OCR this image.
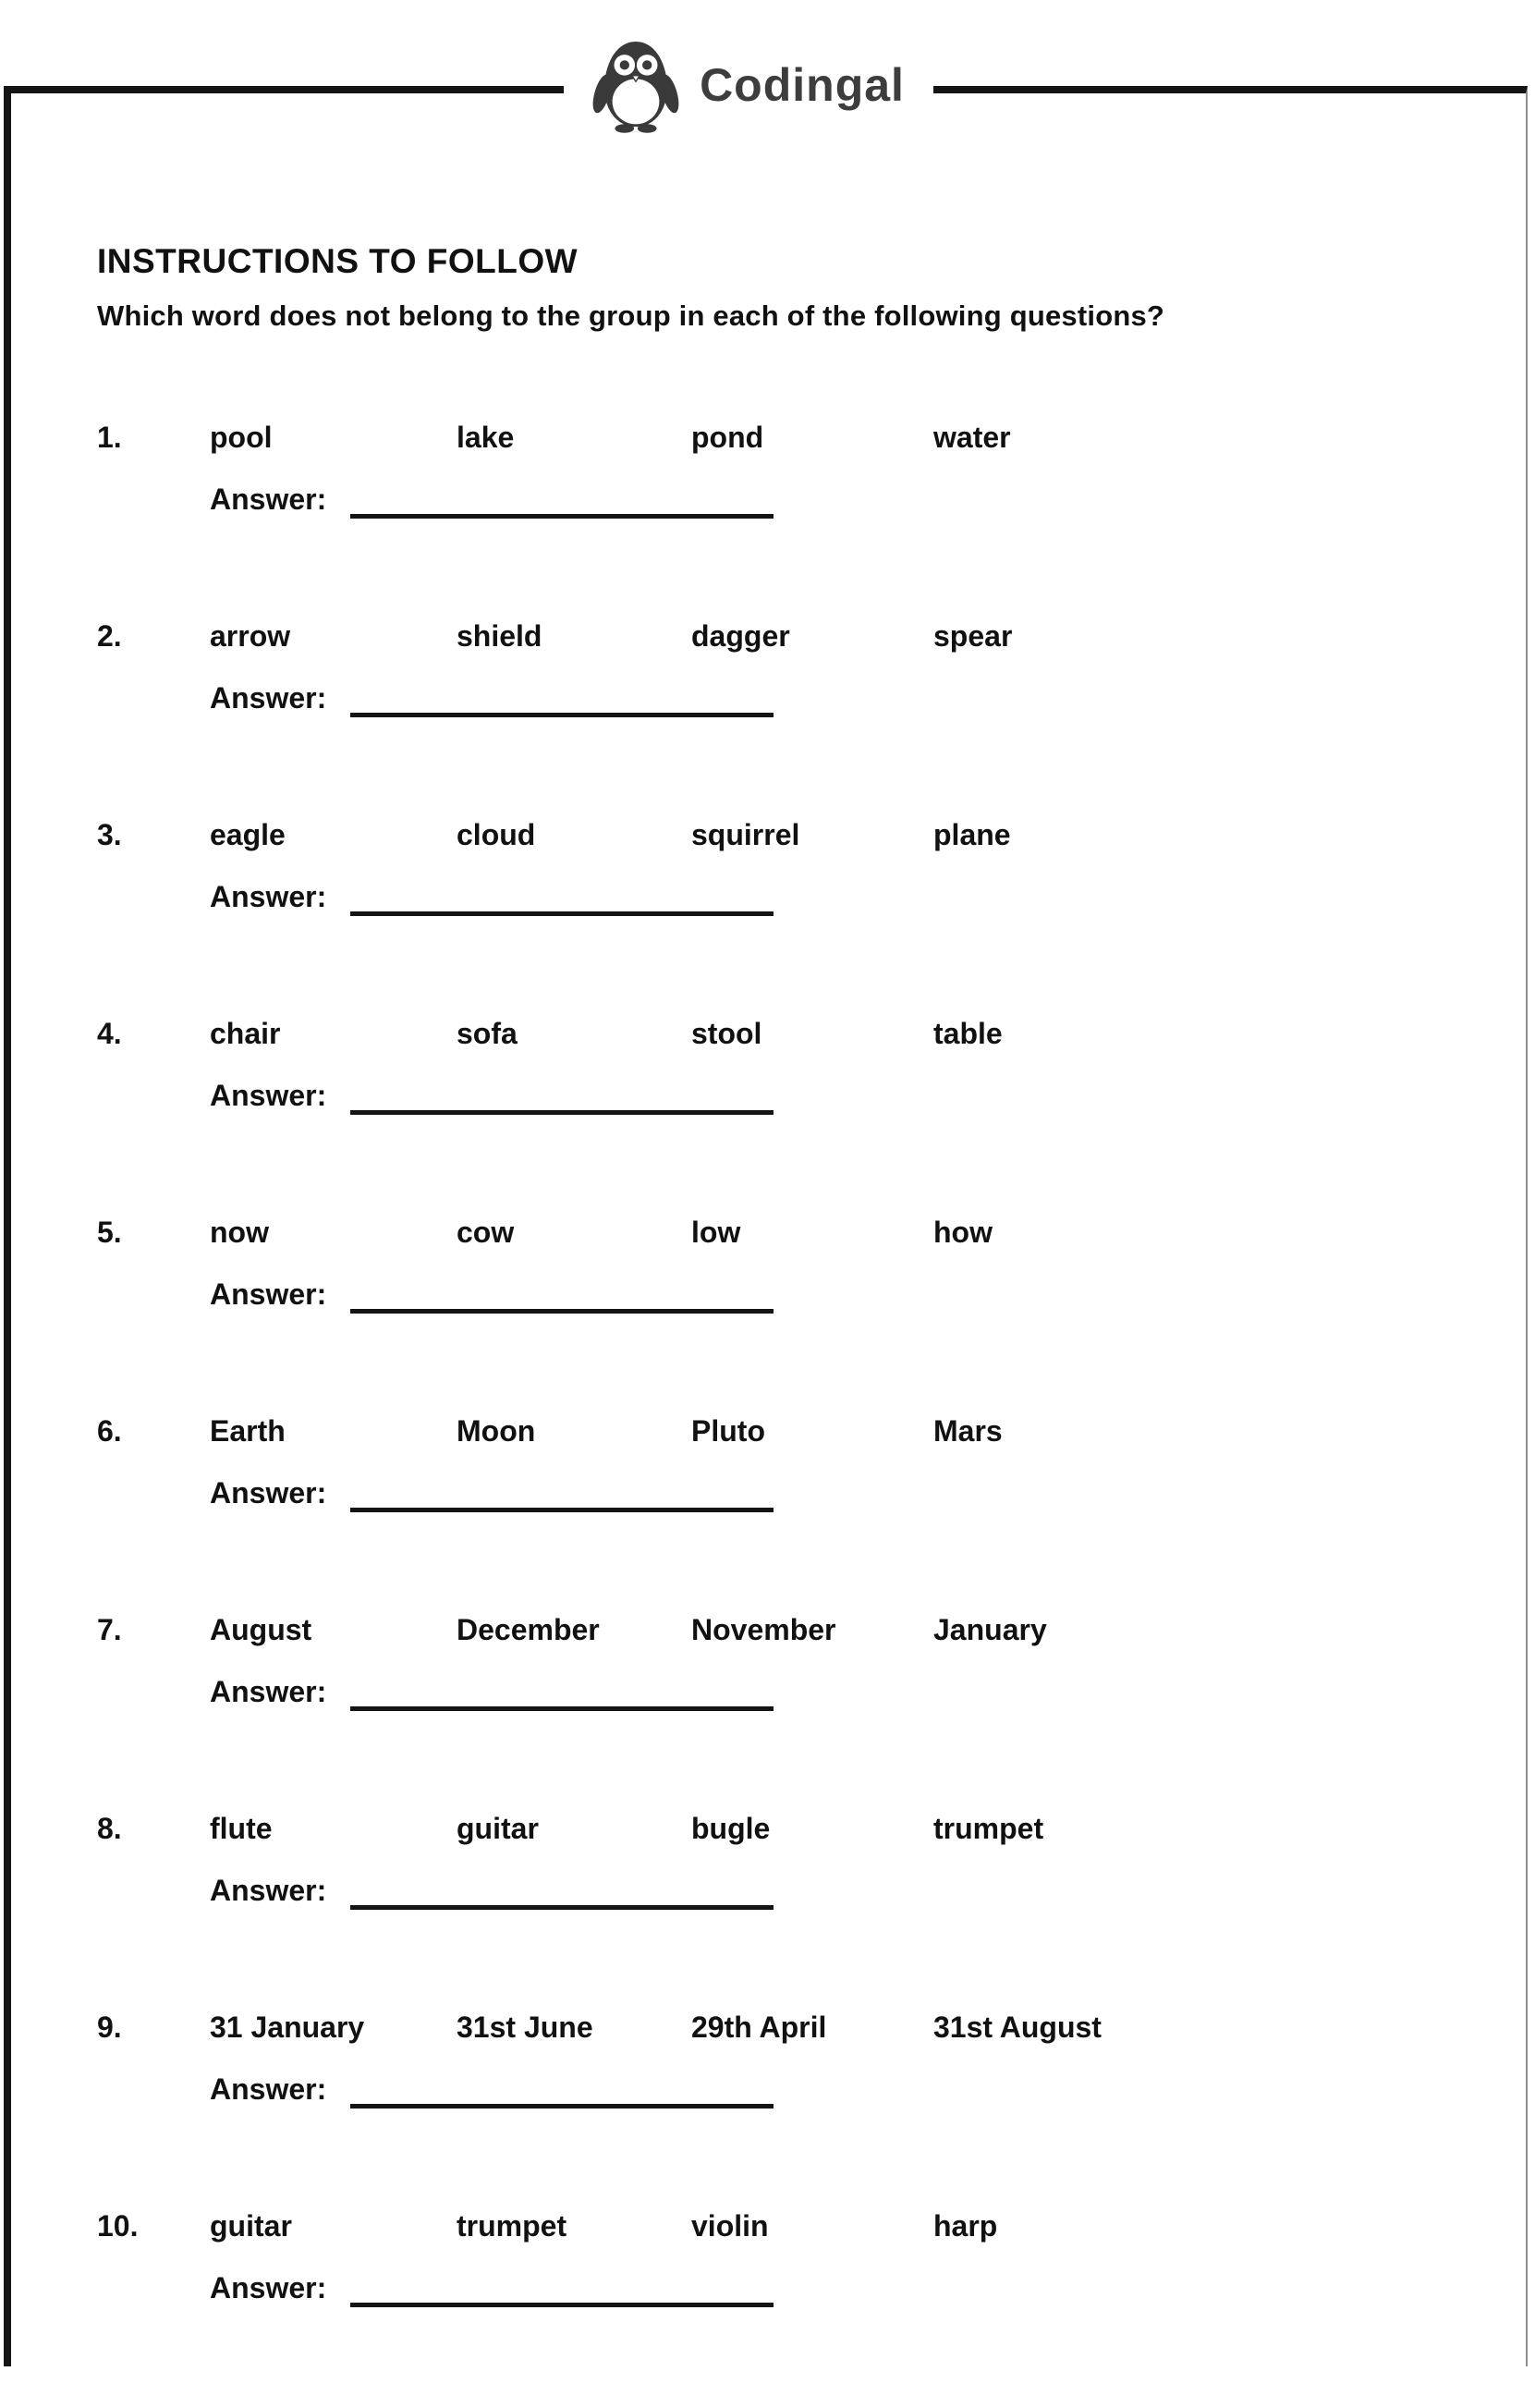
Codingal
INSTRUCTIONS TO FOLLOW

Which word does not belong to the group in each of the following questions?

1.	pool	lake	pond	water
Answer:
2.	arrow	shield	dagger	spear
Answer:
3.	eagle	cloud	squirrel	plane
Answer:
4.	chair	sofa	stool	table
Answer:
5.	now	cow	low	how
Answer:
6.	Earth	Moon	Pluto	Mars
Answer:
7.	August	December	November	January
Answer:
8.	flute	guitar	bugle	trumpet
Answer:
9.	31 January	31st June	29th April	31st August
Answer:
10.	guitar	trumpet	violin	harp
Answer:
